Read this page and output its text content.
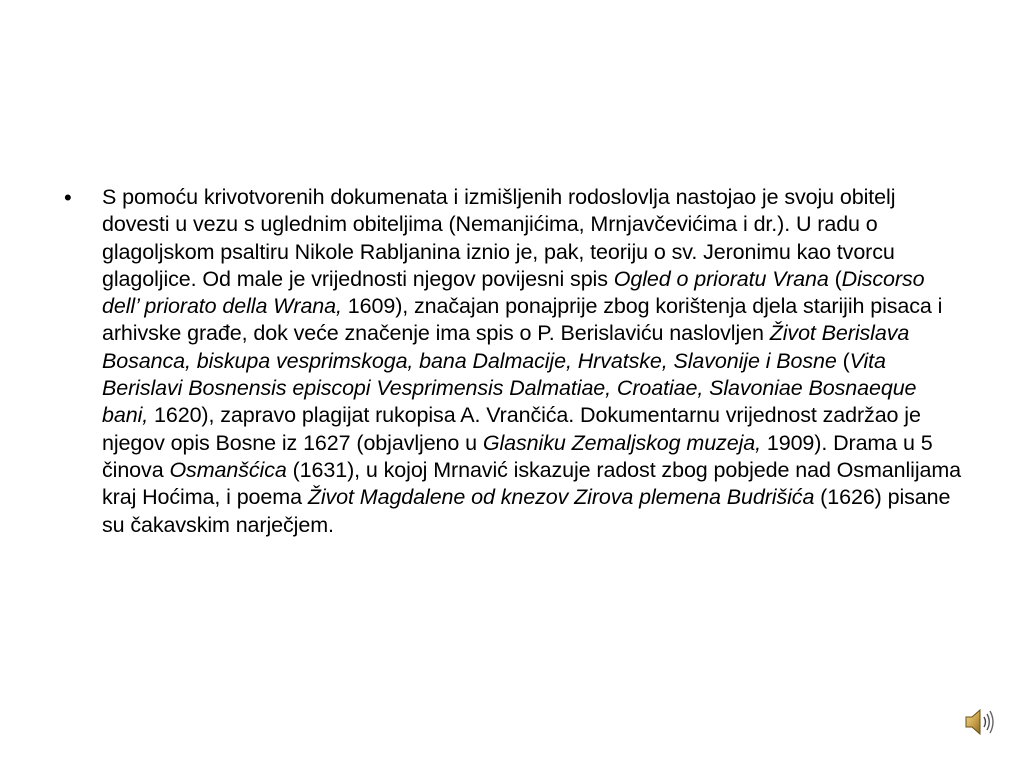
• S pomoću krivotvorenih dokumenata i izmišljenih rodoslovlja nastojao je svoju obitelj dovesti u vezu s uglednim obiteljima (Nemanjićima, Mrnjavčevićima i dr.). U radu o glagoljskom psaltiru Nikole Rabljanina iznio je, pak, teoriju o sv. Jeronimu kao tvorcu glagoljice. Od male je vrijednosti njegov povijesni spis Ogled o prioratu Vrana (Discorso dell’ priorato della Wrana, 1609), značajan ponajprije zbog korištenja djela starijih pisaca i arhivske građe, dok veće značenje ima spis o P. Berislaviću naslovljen Život Berislava Bosanca, biskupa vesprimskoga, bana Dalmacije, Hrvatske, Slavonije i Bosne (Vita Berislavi Bosnensis episcopi Vesprimensis Dalmatiae, Croatiae, Slavoniae Bosnaeque bani, 1620), zapravo plagijat rukopisa A. Vrančića. Dokumentarnu vrijednost zadržao je njegov opis Bosne iz 1627 (objavljeno u Glasniku Zemaljskog muzeja, 1909). Drama u 5 činova Osmanšćica (1631), u kojoj Mrnavić iskazuje radost zbog pobjede nad Osmanlijama kraj Hoćima, i poema Život Magdalene od knezov Zirova plemena Budrišića (1626) pisane su čakavskim narječjem.
